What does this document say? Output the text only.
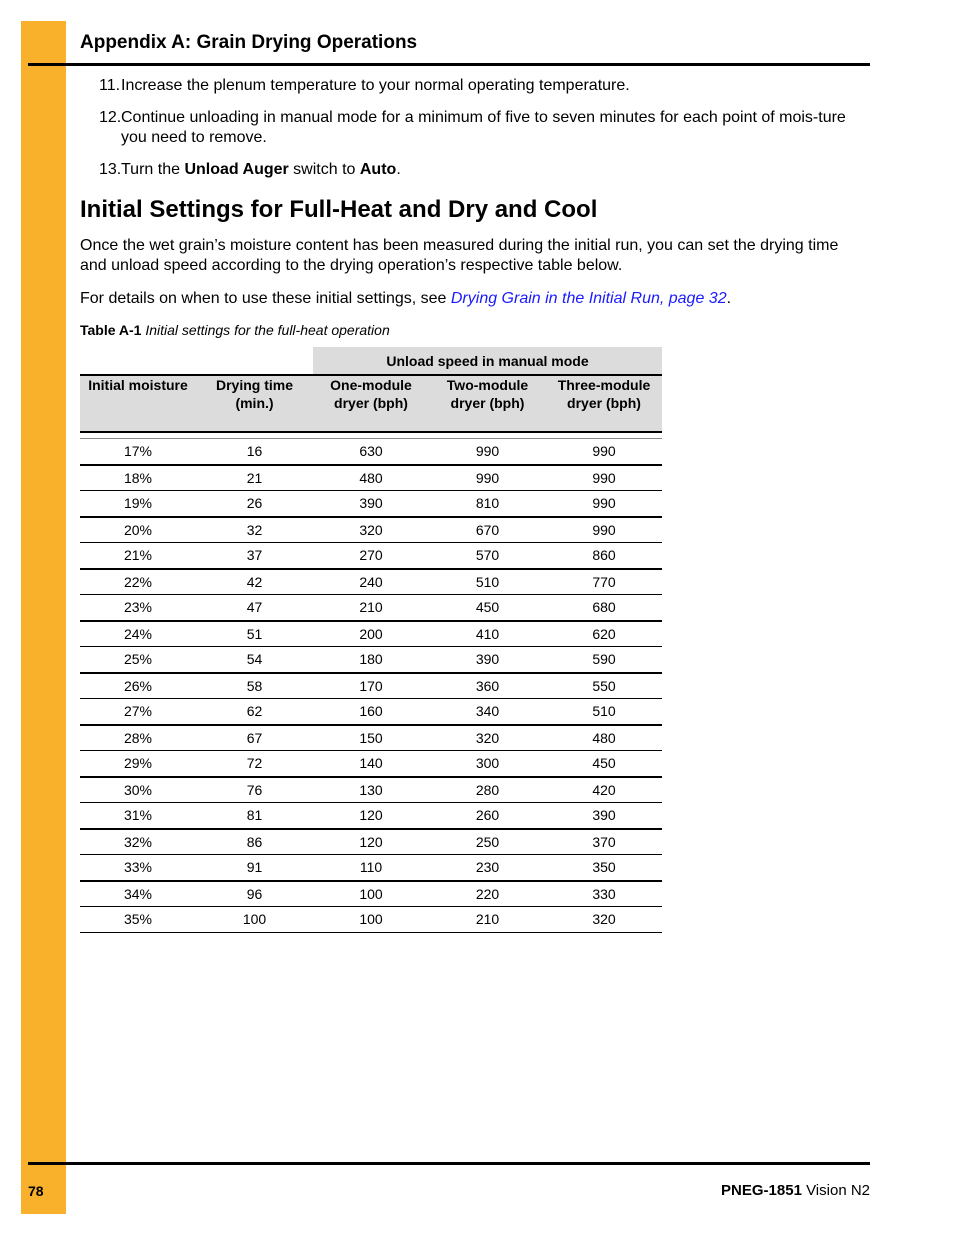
Appendix A: Grain Drying Operations
11. Increase the plenum temperature to your normal operating temperature.
12. Continue unloading in manual mode for a minimum of five to seven minutes for each point of mois-ture you need to remove.
13. Turn the Unload Auger switch to Auto.
Initial Settings for Full-Heat and Dry and Cool
Once the wet grain’s moisture content has been measured during the initial run, you can set the drying time and unload speed according to the drying operation’s respective table below.
For details on when to use these initial settings, see Drying Grain in the Initial Run, page 32.
Table A-1 Initial settings for the full-heat operation
		Unload speed in manual mode		
Initial moisture	Drying time (min.)	One-module dryer (bph)	Two-module dryer (bph)	Three-module dryer (bph)

17%	16	630	990	990
18%	21	480	990	990
19%	26	390	810	990
20%	32	320	670	990
21%	37	270	570	860
22%	42	240	510	770
23%	47	210	450	680
24%	51	200	410	620
25%	54	180	390	590
26%	58	170	360	550
27%	62	160	340	510
28%	67	150	320	480
29%	72	140	300	450
30%	76	130	280	420
31%	81	120	260	390
32%	86	120	250	370
33%	91	110	230	350
34%	96	100	220	330
35%	100	100	210	320
78	PNEG-1851 Vision N2
